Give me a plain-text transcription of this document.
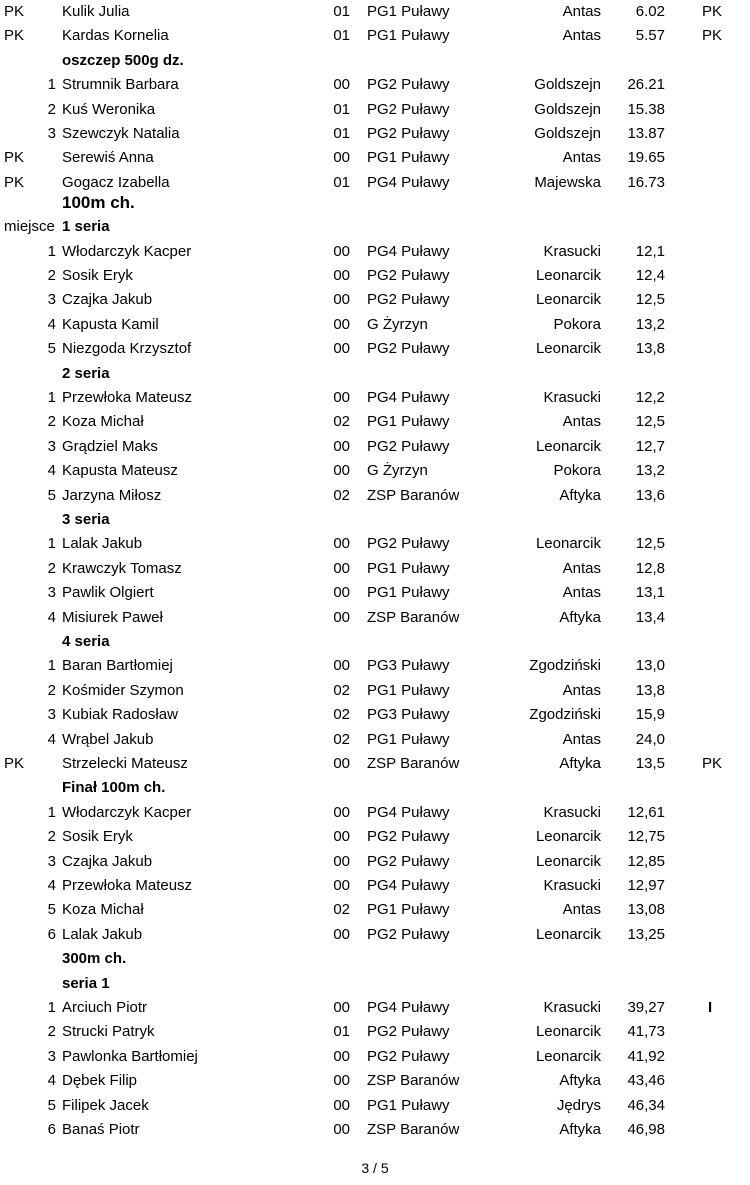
PK	Kulik Julia	01 PG1 Puławy	Antas	6.02 PK
PK	Kardas Kornelia	01 PG1 Puławy	Antas	5.57 PK
oszczep 500g dz.
1 Strumnik Barbara	00 PG2 Puławy	Goldszejn	26.21
2 Kuś Weronika	01 PG2 Puławy	Goldszejn	15.38
3 Szewczyk Natalia	01 PG2 Puławy	Goldszejn	13.87
PK	Serewiś Anna	00 PG1 Puławy	Antas	19.65
PK	Gogacz Izabella	01 PG4 Puławy	Majewska	16.73
100m ch.
miejsce 1 seria
1 Włodarczyk Kacper	00 PG4 Puławy	Krasucki	12,1
2 Sosik Eryk	00 PG2 Puławy	Leonarcik	12,4
3 Czajka Jakub	00 PG2 Puławy	Leonarcik	12,5
4 Kapusta Kamil	00 G Żyrzyn	Pokora	13,2
5 Niezgoda Krzysztof	00 PG2 Puławy	Leonarcik	13,8
2 seria
1 Przewłoka Mateusz	00 PG4 Puławy	Krasucki	12,2
2 Koza Michał	02 PG1 Puławy	Antas	12,5
3 Grądziel Maks	00 PG2 Puławy	Leonarcik	12,7
4 Kapusta Mateusz	00 G Żyrzyn	Pokora	13,2
5 Jarzyna Miłosz	02 ZSP Baranów	Aftyka	13,6
3 seria
1 Lalak Jakub	00 PG2 Puławy	Leonarcik	12,5
2 Krawczyk Tomasz	00 PG1 Puławy	Antas	12,8
3 Pawlik Olgiert	00 PG1 Puławy	Antas	13,1
4 Misiurek Paweł	00 ZSP Baranów	Aftyka	13,4
4 seria
1 Baran Bartłomiej	00 PG3 Puławy	Zgodziński	13,0
2 Kośmider Szymon	02 PG1 Puławy	Antas	13,8
3 Kubiak Radosław	02 PG3 Puławy	Zgodziński	15,9
4 Wrąbel Jakub	02 PG1 Puławy	Antas	24,0
PK	Strzelecki Mateusz	00 ZSP Baranów	Aftyka	13,5 PK
Finał 100m ch.
1 Włodarczyk Kacper	00 PG4 Puławy	Krasucki	12,61
2 Sosik Eryk	00 PG2 Puławy	Leonarcik	12,75
3 Czajka Jakub	00 PG2 Puławy	Leonarcik	12,85
4 Przewłoka Mateusz	00 PG4 Puławy	Krasucki	12,97
5 Koza Michał	02 PG1 Puławy	Antas	13,08
6 Lalak Jakub	00 PG2 Puławy	Leonarcik	13,25
300m ch.
seria 1
1 Arciuch Piotr	00 PG4 Puławy	Krasucki	39,27	I
2 Strucki Patryk	01 PG2 Puławy	Leonarcik	41,73
3 Pawlonka Bartłomiej	00 PG2 Puławy	Leonarcik	41,92
4 Dębek Filip	00 ZSP Baranów	Aftyka	43,46
5 Filipek Jacek	00 PG1 Puławy	Jędrys	46,34
6 Banaś Piotr	00 ZSP Baranów	Aftyka	46,98
3 / 5
